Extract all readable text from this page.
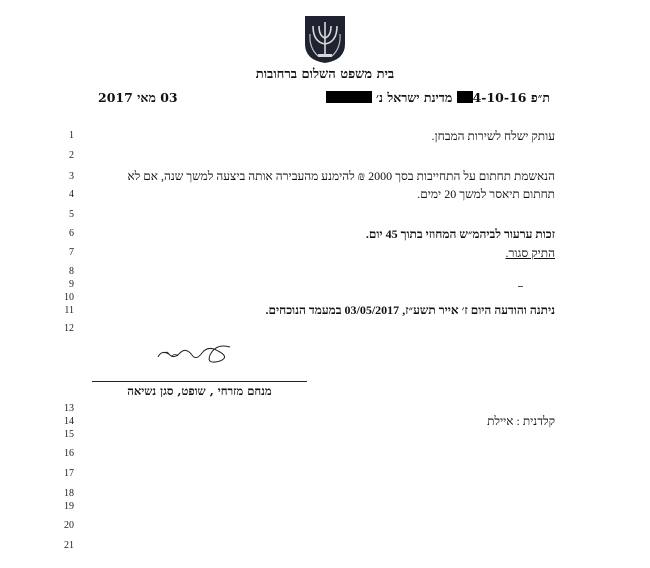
בית משפט השלום ברחובות
ת״פ 4-10-16 מדינת ישראל נ׳
03 מאי 2017
1
2
3
4
5
6
7
8
9
10
11
12
13
14
15
16
17
18
19
20
21
עותק ישלח לשירות המבחן.
הנאשמת תחתום על התחייבות בסך 2000 ₪ להימנע מהעבירה אותה ביצעה למשך שנה, אם לא
תחתום תיאסר למשך 20 ימים.
זכות ערעור לביהמ״ש המחוזי בתוך 45 יום.
התיק סגור.
ניתנה והודעה היום ז׳ אייר תשע״ז, 03/05/2017 במעמד הנוכחים.
מנחם מזרחי , שופט, סגן נשיאה
קלדנית : איילת
